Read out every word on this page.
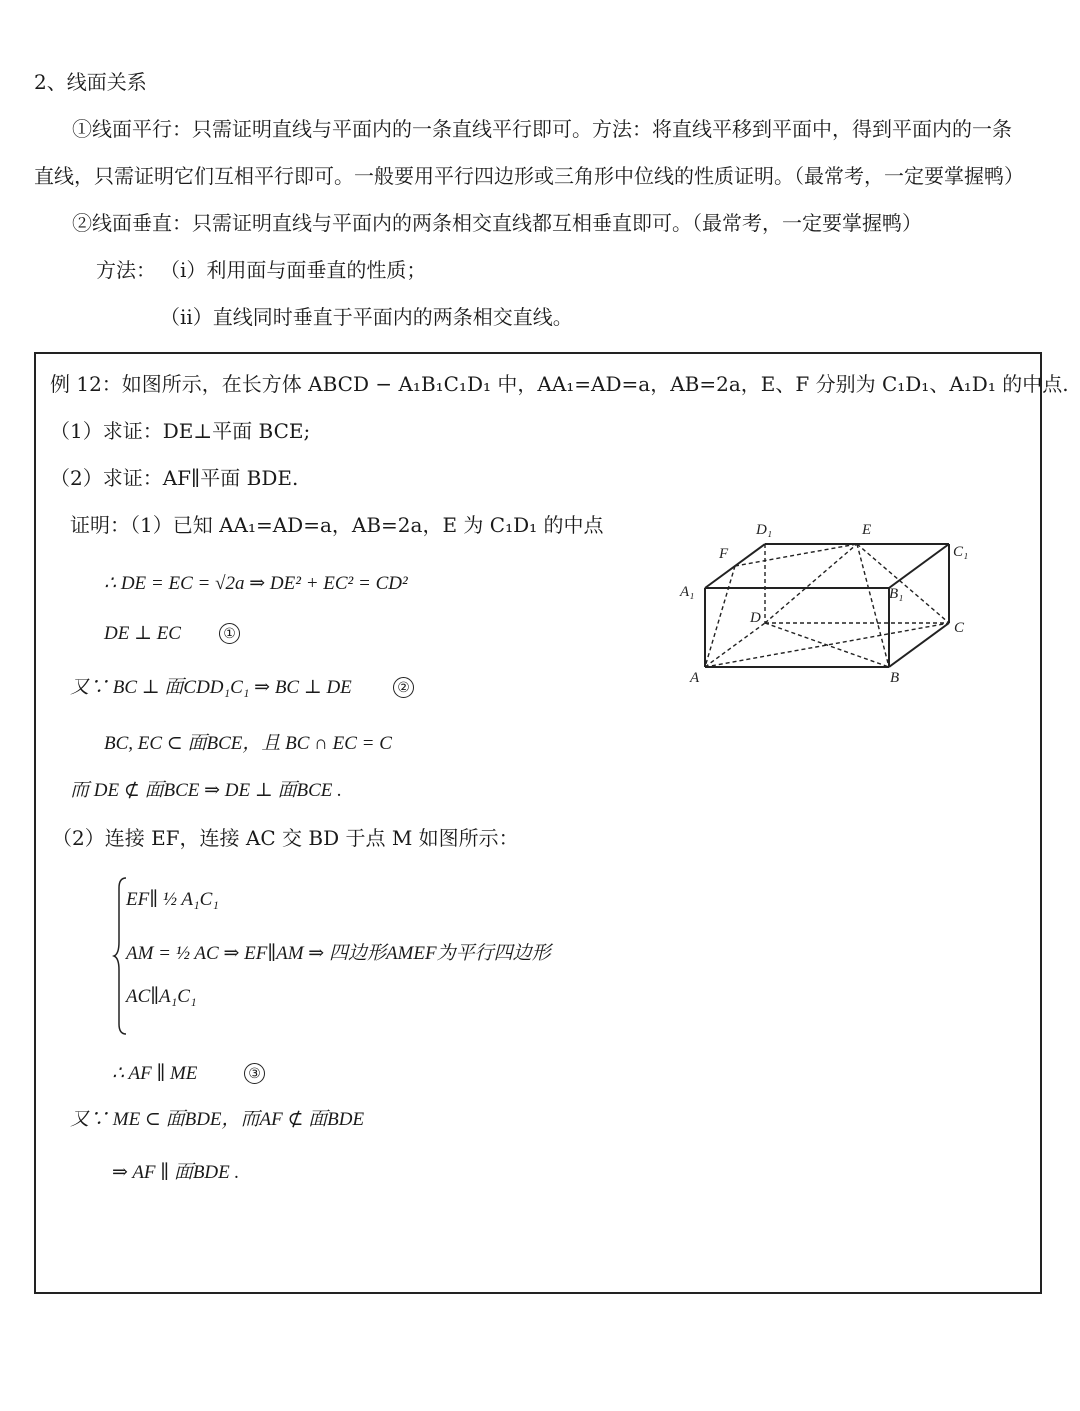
2、线面关系
①线面平行：只需证明直线与平面内的一条直线平行即可。方法：将直线平移到平面中，得到平面内的一条
直线，只需证明它们互相平行即可。一般要用平行四边形或三角形中位线的性质证明。（最常考，一定要掌握鸭）
②线面垂直：只需证明直线与平面内的两条相交直线都互相垂直即可。（最常考，一定要掌握鸭）
方法： （i）利用面与面垂直的性质；
（ii）直线同时垂直于平面内的两条相交直线。
例 12：如图所示，在长方体 ABCD − A₁B₁C₁D₁ 中，AA₁=AD=a，AB=2a，E、F 分别为 C₁D₁、A₁D₁ 的中点.
（1）求证：DE⊥平面 BCE;
（2）求证：AF∥平面 BDE.
证明：（1）已知 AA₁=AD=a，AB=2a，E 为 C₁D₁ 的中点
∴ DE = EC = √2a ⇒ DE² + EC² = CD²
DE ⊥ EC	①
又∵ BC ⊥ 面CDD₁C₁ ⇒ BC ⊥ DE	②
BC, EC ⊂ 面BCE，且 BC ∩ EC = C
而 DE ⊄ 面BCE ⇒ DE ⊥ 面BCE .
（2）连接 EF，连接 AC 交 BD 于点 M 如图所示：
EF∥ ½ A₁C₁
AM = ½ AC ⇒ EF∥AM ⇒ 四边形AMEF为平行四边形
AC∥A₁C₁
∴ AF ∥ ME	③
又∵ ME ⊂ 面BDE，而AF ⊄ 面BDE
⇒ AF ∥ 面BDE .
A	B
C
D
A₁	B₁
C₁
D₁	E
F
